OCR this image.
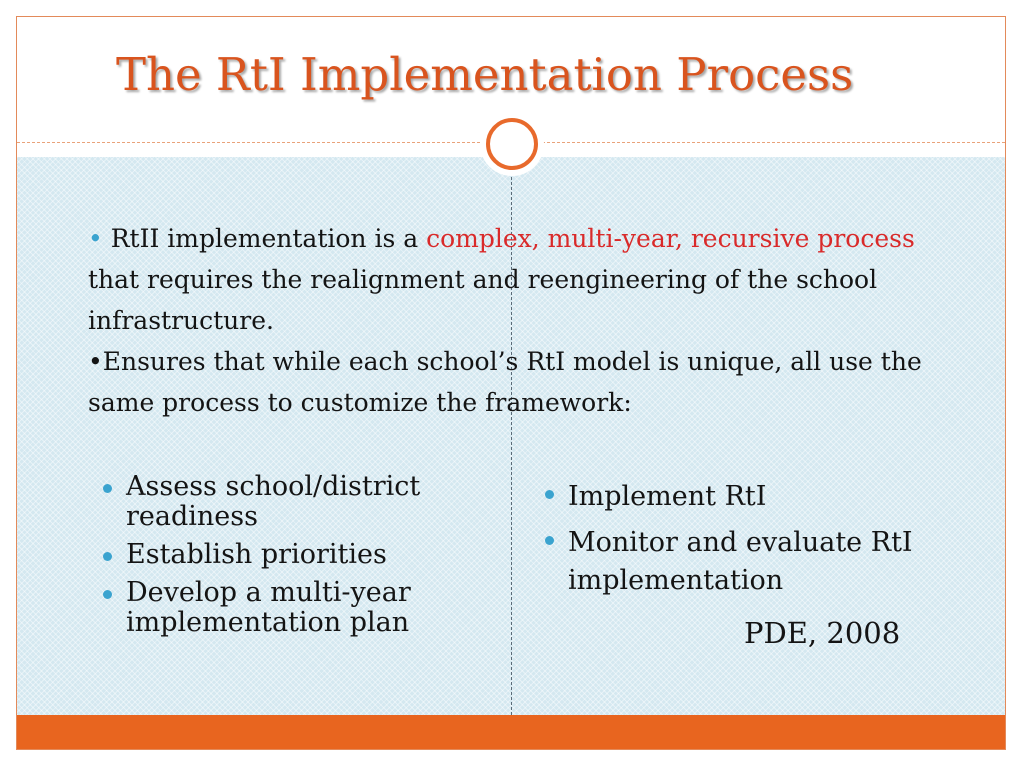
The RtI Implementation Process
• RtII implementation is a complex, multi-year, recursive process that requires the realignment and reengineering of the school infrastructure.
•Ensures that while each school’s RtI model is unique, all use the same process to customize the framework:
Assess school/district readiness
Establish priorities
Develop a multi-year implementation plan
Implement RtI
Monitor and evaluate RtI implementation
PDE, 2008
